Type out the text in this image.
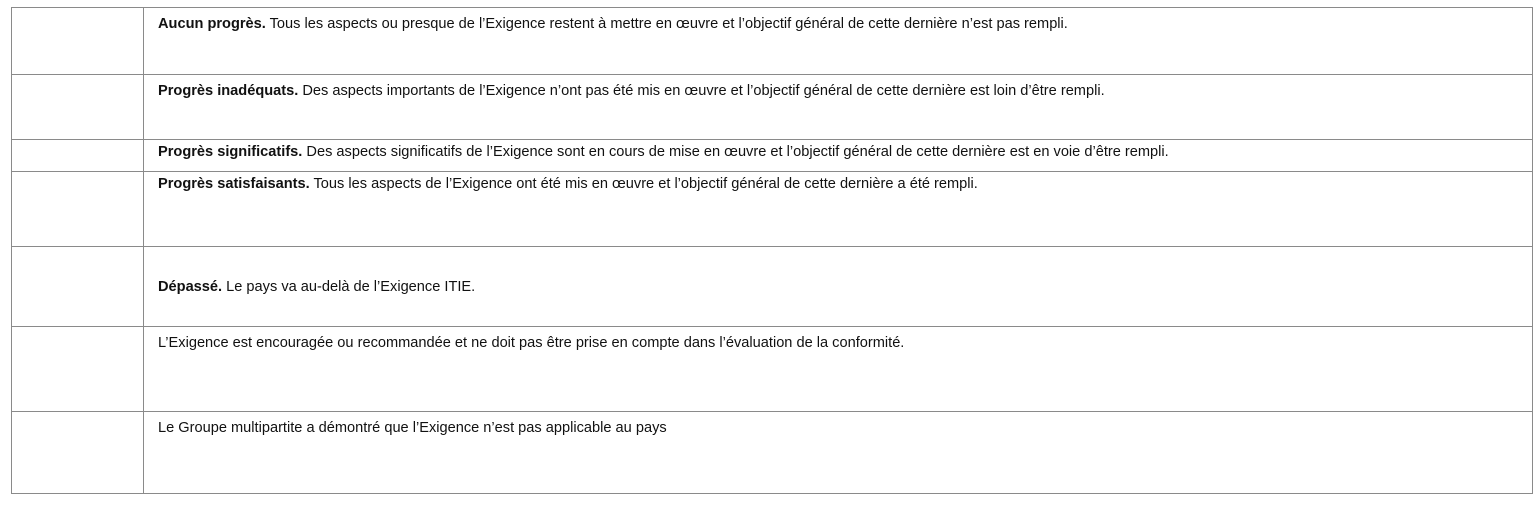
	Aucun progrès. Tous les aspects ou presque de l’Exigence restent à mettre en œuvre et l’objectif général de cette dernière n’est pas rempli.

	Progrès inadéquats. Des aspects importants de l’Exigence n’ont pas été mis en œuvre et l’objectif général de cette dernière est loin d’être rempli.

	Progrès significatifs. Des aspects significatifs de l’Exigence sont en cours de mise en œuvre et l’objectif général de cette dernière est en voie d’être rempli.

	Progrès satisfaisants. Tous les aspects de l’Exigence ont été mis en œuvre et l’objectif général de cette dernière a été rempli.

	Dépassé. Le pays va au-delà de l’Exigence ITIE.

	L’Exigence est encouragée ou recommandée et ne doit pas être prise en compte dans l’évaluation de la conformité.

	Le Groupe multipartite a démontré que l’Exigence n’est pas applicable au pays
